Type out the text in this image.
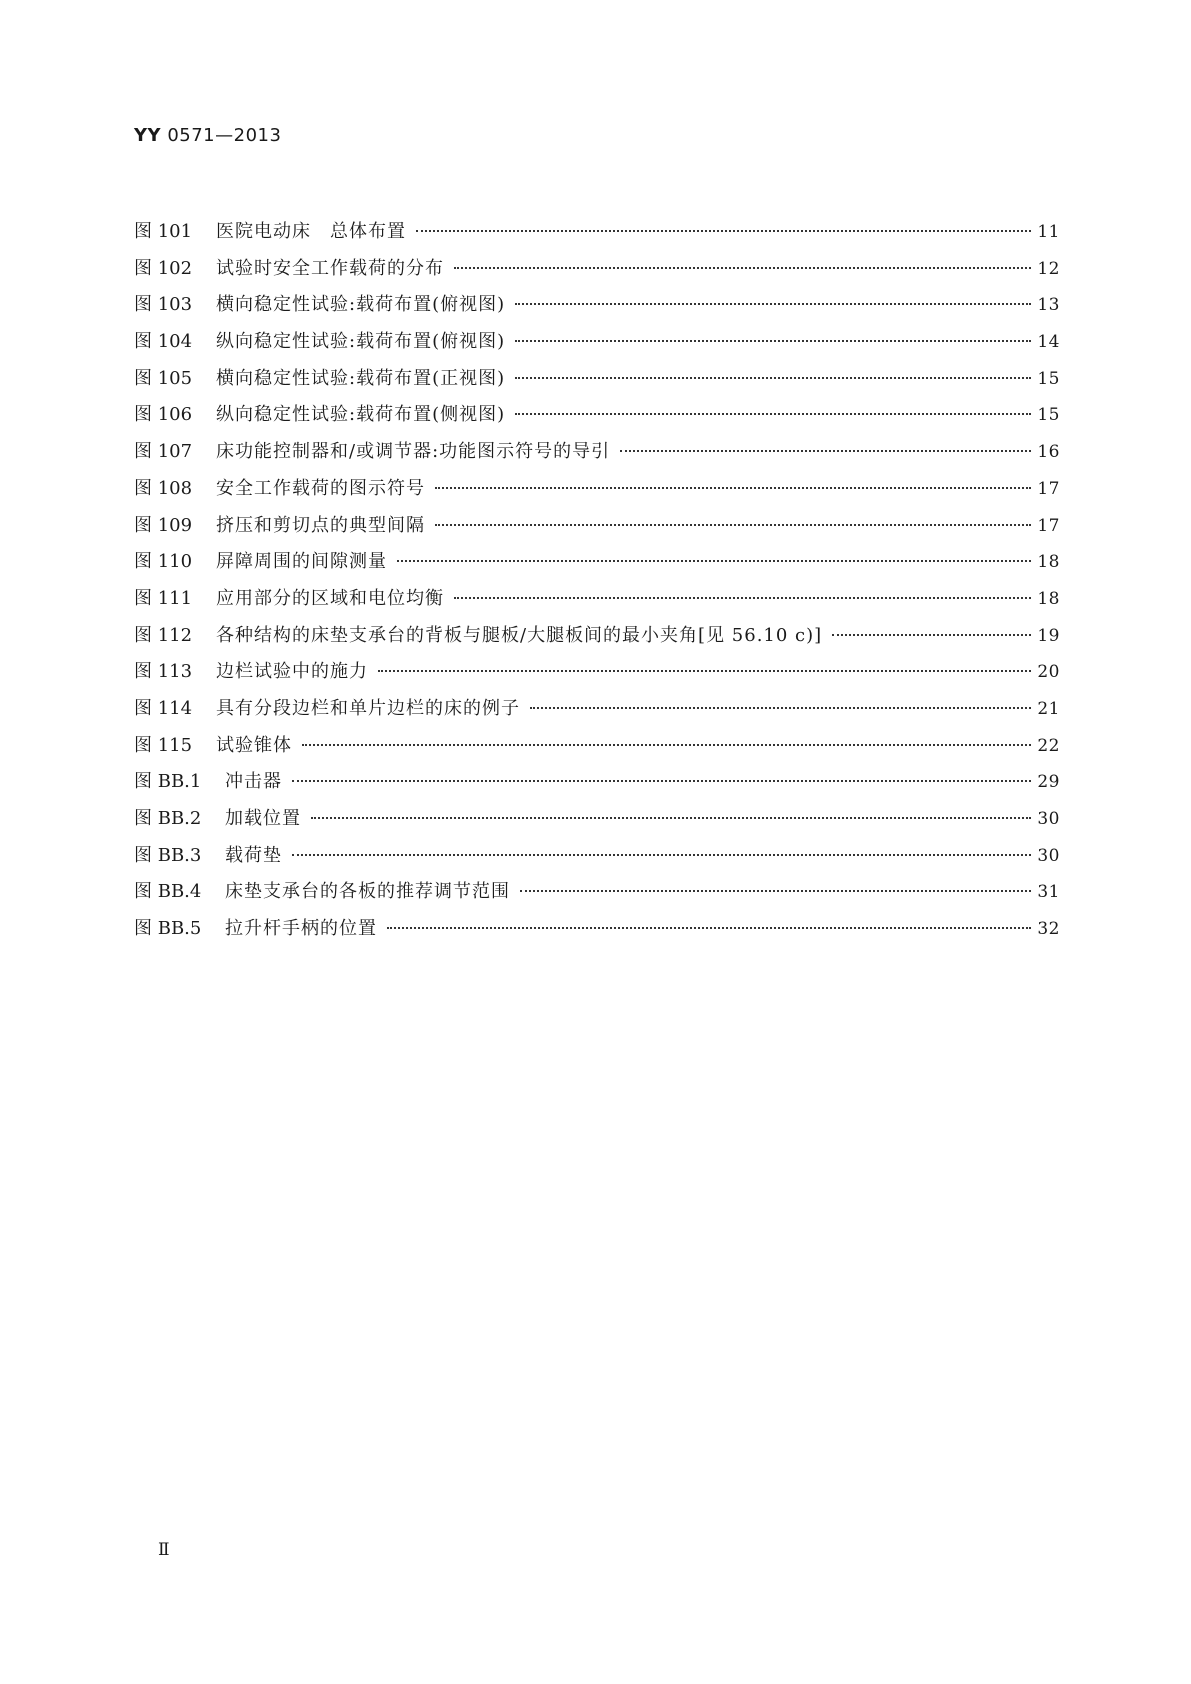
YY 0571—2013
图 101	医院电动床　总体布置	11
图 102	试验时安全工作载荷的分布	12
图 103	横向稳定性试验:载荷布置(俯视图)	13
图 104	纵向稳定性试验:载荷布置(俯视图)	14
图 105	横向稳定性试验:载荷布置(正视图)	15
图 106	纵向稳定性试验:载荷布置(侧视图)	15
图 107	床功能控制器和/或调节器:功能图示符号的导引	16
图 108	安全工作载荷的图示符号	17
图 109	挤压和剪切点的典型间隔	17
图 110	屏障周围的间隙测量	18
图 111	应用部分的区域和电位均衡	18
图 112	各种结构的床垫支承台的背板与腿板/大腿板间的最小夹角[见 56.10 c)]	19
图 113	边栏试验中的施力	20
图 114	具有分段边栏和单片边栏的床的例子	21
图 115	试验锥体	22
图 BB.1	冲击器	29
图 BB.2	加载位置	30
图 BB.3	载荷垫	30
图 BB.4	床垫支承台的各板的推荐调节范围	31
图 BB.5	拉升杆手柄的位置	32
Ⅱ
